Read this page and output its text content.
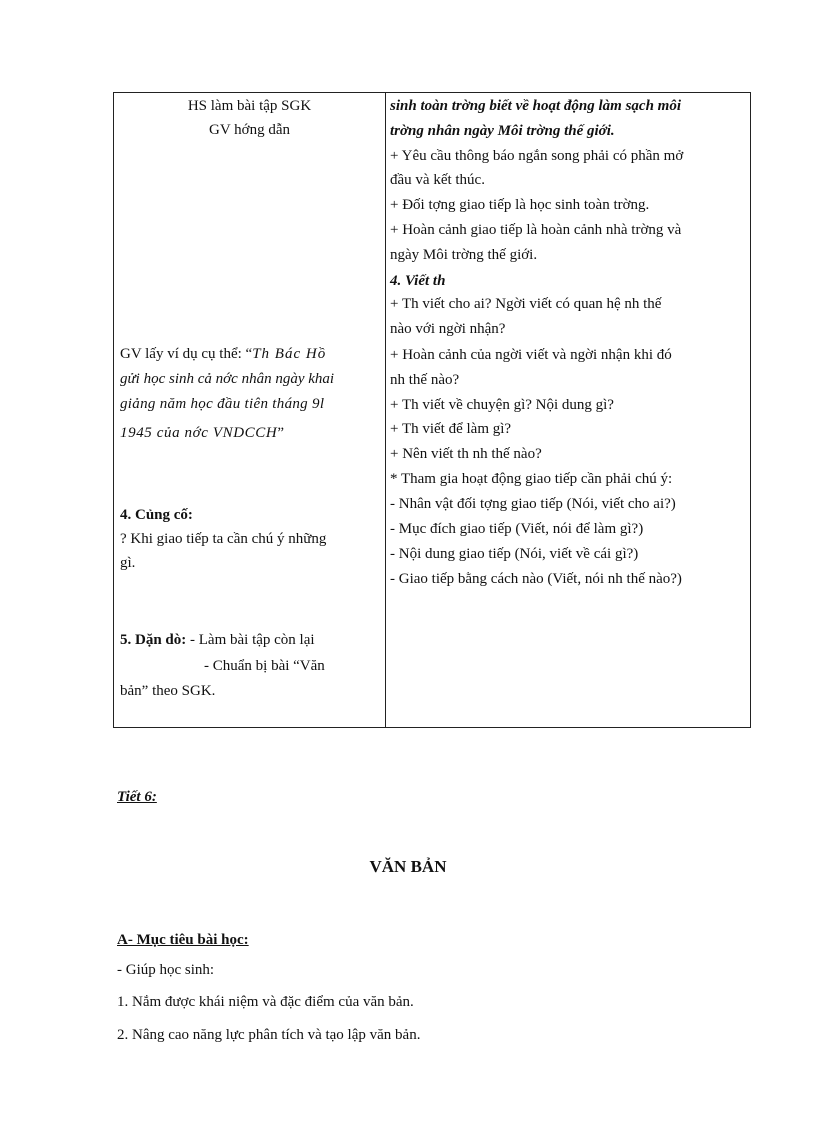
HS làm bài tập SGK
GV hớng dẫn
GV lấy ví dụ cụ thể: “Th Bác Hồ
gửi học sinh cả nớc nhân ngày khai
giảng năm học đầu tiên tháng 9l
1945 của nớc VNDCCH”
4. Củng cố:
? Khi giao tiếp ta cần chú ý những
gì.
5. Dặn dò: - Làm bài tập còn lại
- Chuẩn bị bài “Văn
bản” theo SGK.
sinh toàn trờng biết về hoạt động làm sạch môi
trờng nhân ngày Môi trờng thế giới.
+ Yêu cầu thông báo ngắn song phải có phần mở
đầu và kết thúc.
+ Đối tợng giao tiếp là học sinh toàn trờng.
+ Hoàn cảnh giao tiếp là hoàn cảnh nhà trờng và
ngày Môi trờng thế giới.
4. Viết th
+ Th viết cho ai? Ngời viết có quan hệ nh thế
nào với ngời nhận?
+ Hoàn cảnh của ngời viết và ngời nhận khi đó
nh thế nào?
+ Th viết về chuyện gì? Nội dung gì?
+ Th viết để làm gì?
+ Nên viết th nh thế nào?
* Tham gia hoạt động giao tiếp cần phải chú ý:
- Nhân vật đối tợng giao tiếp (Nói, viết cho ai?)
- Mục đích giao tiếp (Viết, nói để làm gì?)
- Nội dung giao tiếp (Nói, viết về cái gì?)
- Giao tiếp bằng cách nào (Viết, nói nh thế nào?)
Tiết 6:
VĂN BẢN
A- Mục tiêu bài học:
- Giúp học sinh:
1. Nắm được khái niệm và đặc điểm của văn bản.
2. Nâng cao năng lực phân tích và tạo lập văn bản.
